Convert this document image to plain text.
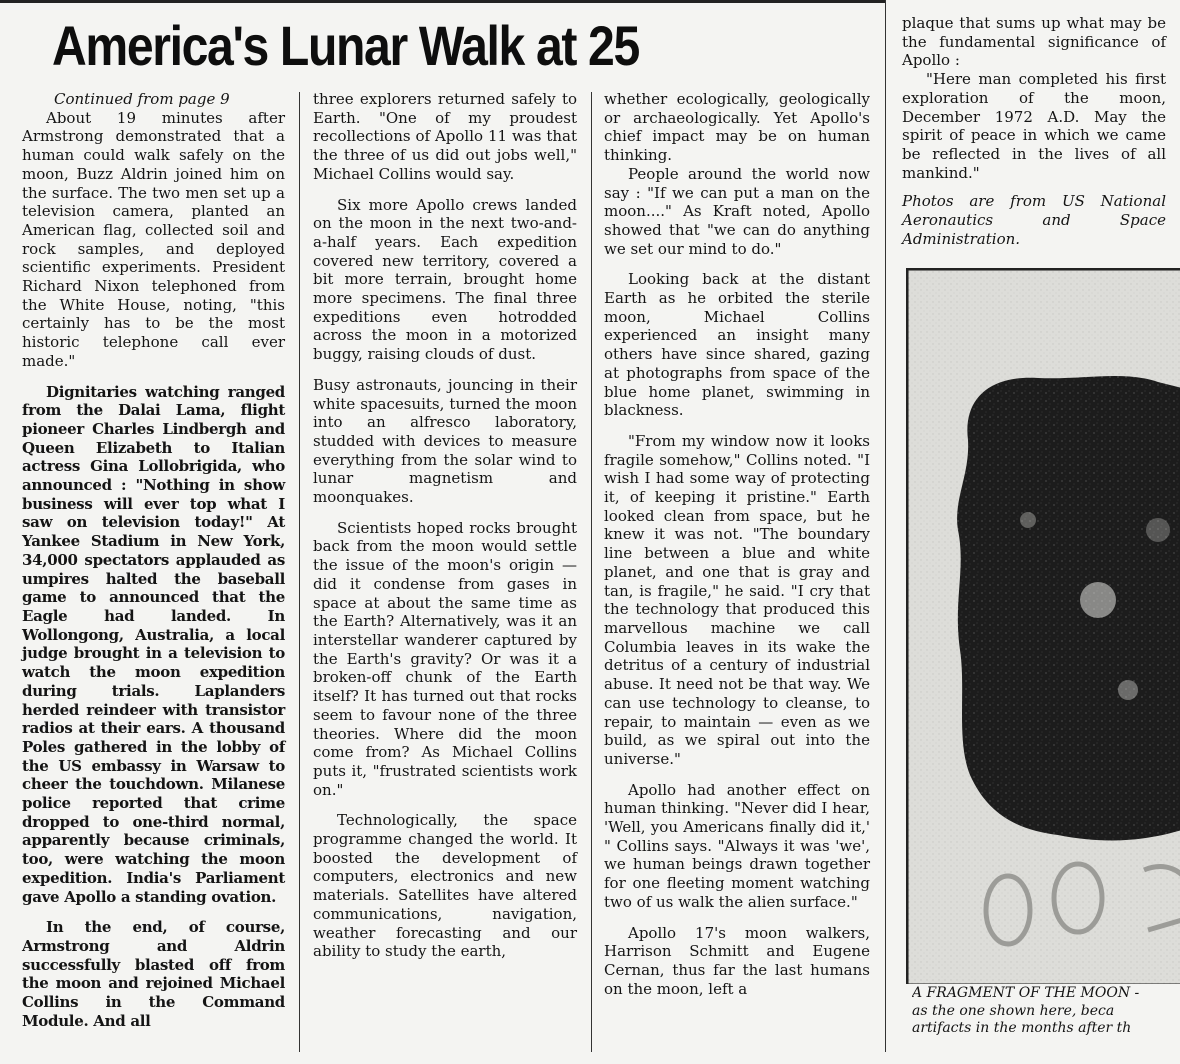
America's Lunar Walk at 25

Continued from page 9

About 19 minutes after Armstrong demonstrated that a human could walk safely on the moon, Buzz Aldrin joined him on the surface. The two men set up a television camera, planted an American flag, collected soil and rock samples, and deployed scientific experiments. President Richard Nixon telephoned from the White House, noting, "this certainly has to be the most historic telephone call ever made."

Dignitaries watching ranged from the Dalai Lama, flight pioneer Charles Lindbergh and Queen Elizabeth to Italian actress Gina Lollobrigida, who announced : "Nothing in show business will ever top what I saw on television today!" At Yankee Stadium in New York, 34,000 spectators applauded as umpires halted the baseball game to announced that the Eagle had landed. In Wollongong, Australia, a local judge brought in a television to watch the moon expedition during trials. Laplanders herded reindeer with transistor radios at their ears. A thousand Poles gathered in the lobby of the US embassy in Warsaw to cheer the touchdown. Milanese police reported that crime dropped to one-third normal, apparently because criminals, too, were watching the moon expedition. India's Parliament gave Apollo a standing ovation.

In the end, of course, Armstrong and Aldrin successfully blasted off from the moon and rejoined Michael Collins in the Command Module. And all

three explorers returned safely to Earth. "One of my proudest recollections of Apollo 11 was that the three of us did out jobs well," Michael Collins would say.

Six more Apollo crews landed on the moon in the next two-and-a-half years. Each expedition covered new territory, covered a bit more terrain, brought home more specimens. The final three expeditions even hotrodded across the moon in a motorized buggy, raising clouds of dust.

Busy astronauts, jouncing in their white spacesuits, turned the moon into an alfresco laboratory, studded with devices to measure everything from the solar wind to lunar magnetism and moonquakes.

Scientists hoped rocks brought back from the moon would settle the issue of the moon's origin — did it condense from gases in space at about the same time as the Earth? Alternatively, was it an interstellar wanderer captured by the Earth's gravity? Or was it a broken-off chunk of the Earth itself? It has turned out that rocks seem to favour none of the three theories. Where did the moon come from? As Michael Collins puts it, "frustrated scientists work on."

Technologically, the space programme changed the world. It boosted the development of computers, electronics and new materials. Satellites have altered communications, navigation, weather forecasting and our ability to study the earth,

whether ecologically, geologically or archaeologically. Yet Apollo's chief impact may be on human thinking.

People around the world now say : "If we can put a man on the moon...." As Kraft noted, Apollo showed that "we can do anything we set our mind to do."

Looking back at the distant Earth as he orbited the sterile moon, Michael Collins experienced an insight many others have since shared, gazing at photographs from space of the blue home planet, swimming in blackness.

"From my window now it looks fragile somehow," Collins noted. "I wish I had some way of protecting it, of keeping it pristine." Earth looked clean from space, but he knew it was not. "The boundary line between a blue and white planet, and one that is gray and tan, is fragile," he said. "I cry that the technology that produced this marvellous machine we call Columbia leaves in its wake the detritus of a century of industrial abuse. It need not be that way. We can use technology to cleanse, to repair, to maintain — even as we build, as we spiral out into the universe."

Apollo had another effect on human thinking. "Never did I hear, 'Well, you Americans finally did it,' " Collins says. "Always it was 'we', we human beings drawn together for one fleeting moment watching two of us walk the alien surface."

Apollo 17's moon walkers, Harrison Schmitt and Eugene Cernan, thus far the last humans on the moon, left a

plaque that sums up what may be the fundamental significance of Apollo :

"Here man completed his first exploration of the moon, December 1972 A.D. May the spirit of peace in which we came be reflected in the lives of all mankind."

Photos are from US National Aeronautics and Space Administration.

A FRAGMENT OF THE MOON -
as the one shown here, beca
artifacts in the months after th
